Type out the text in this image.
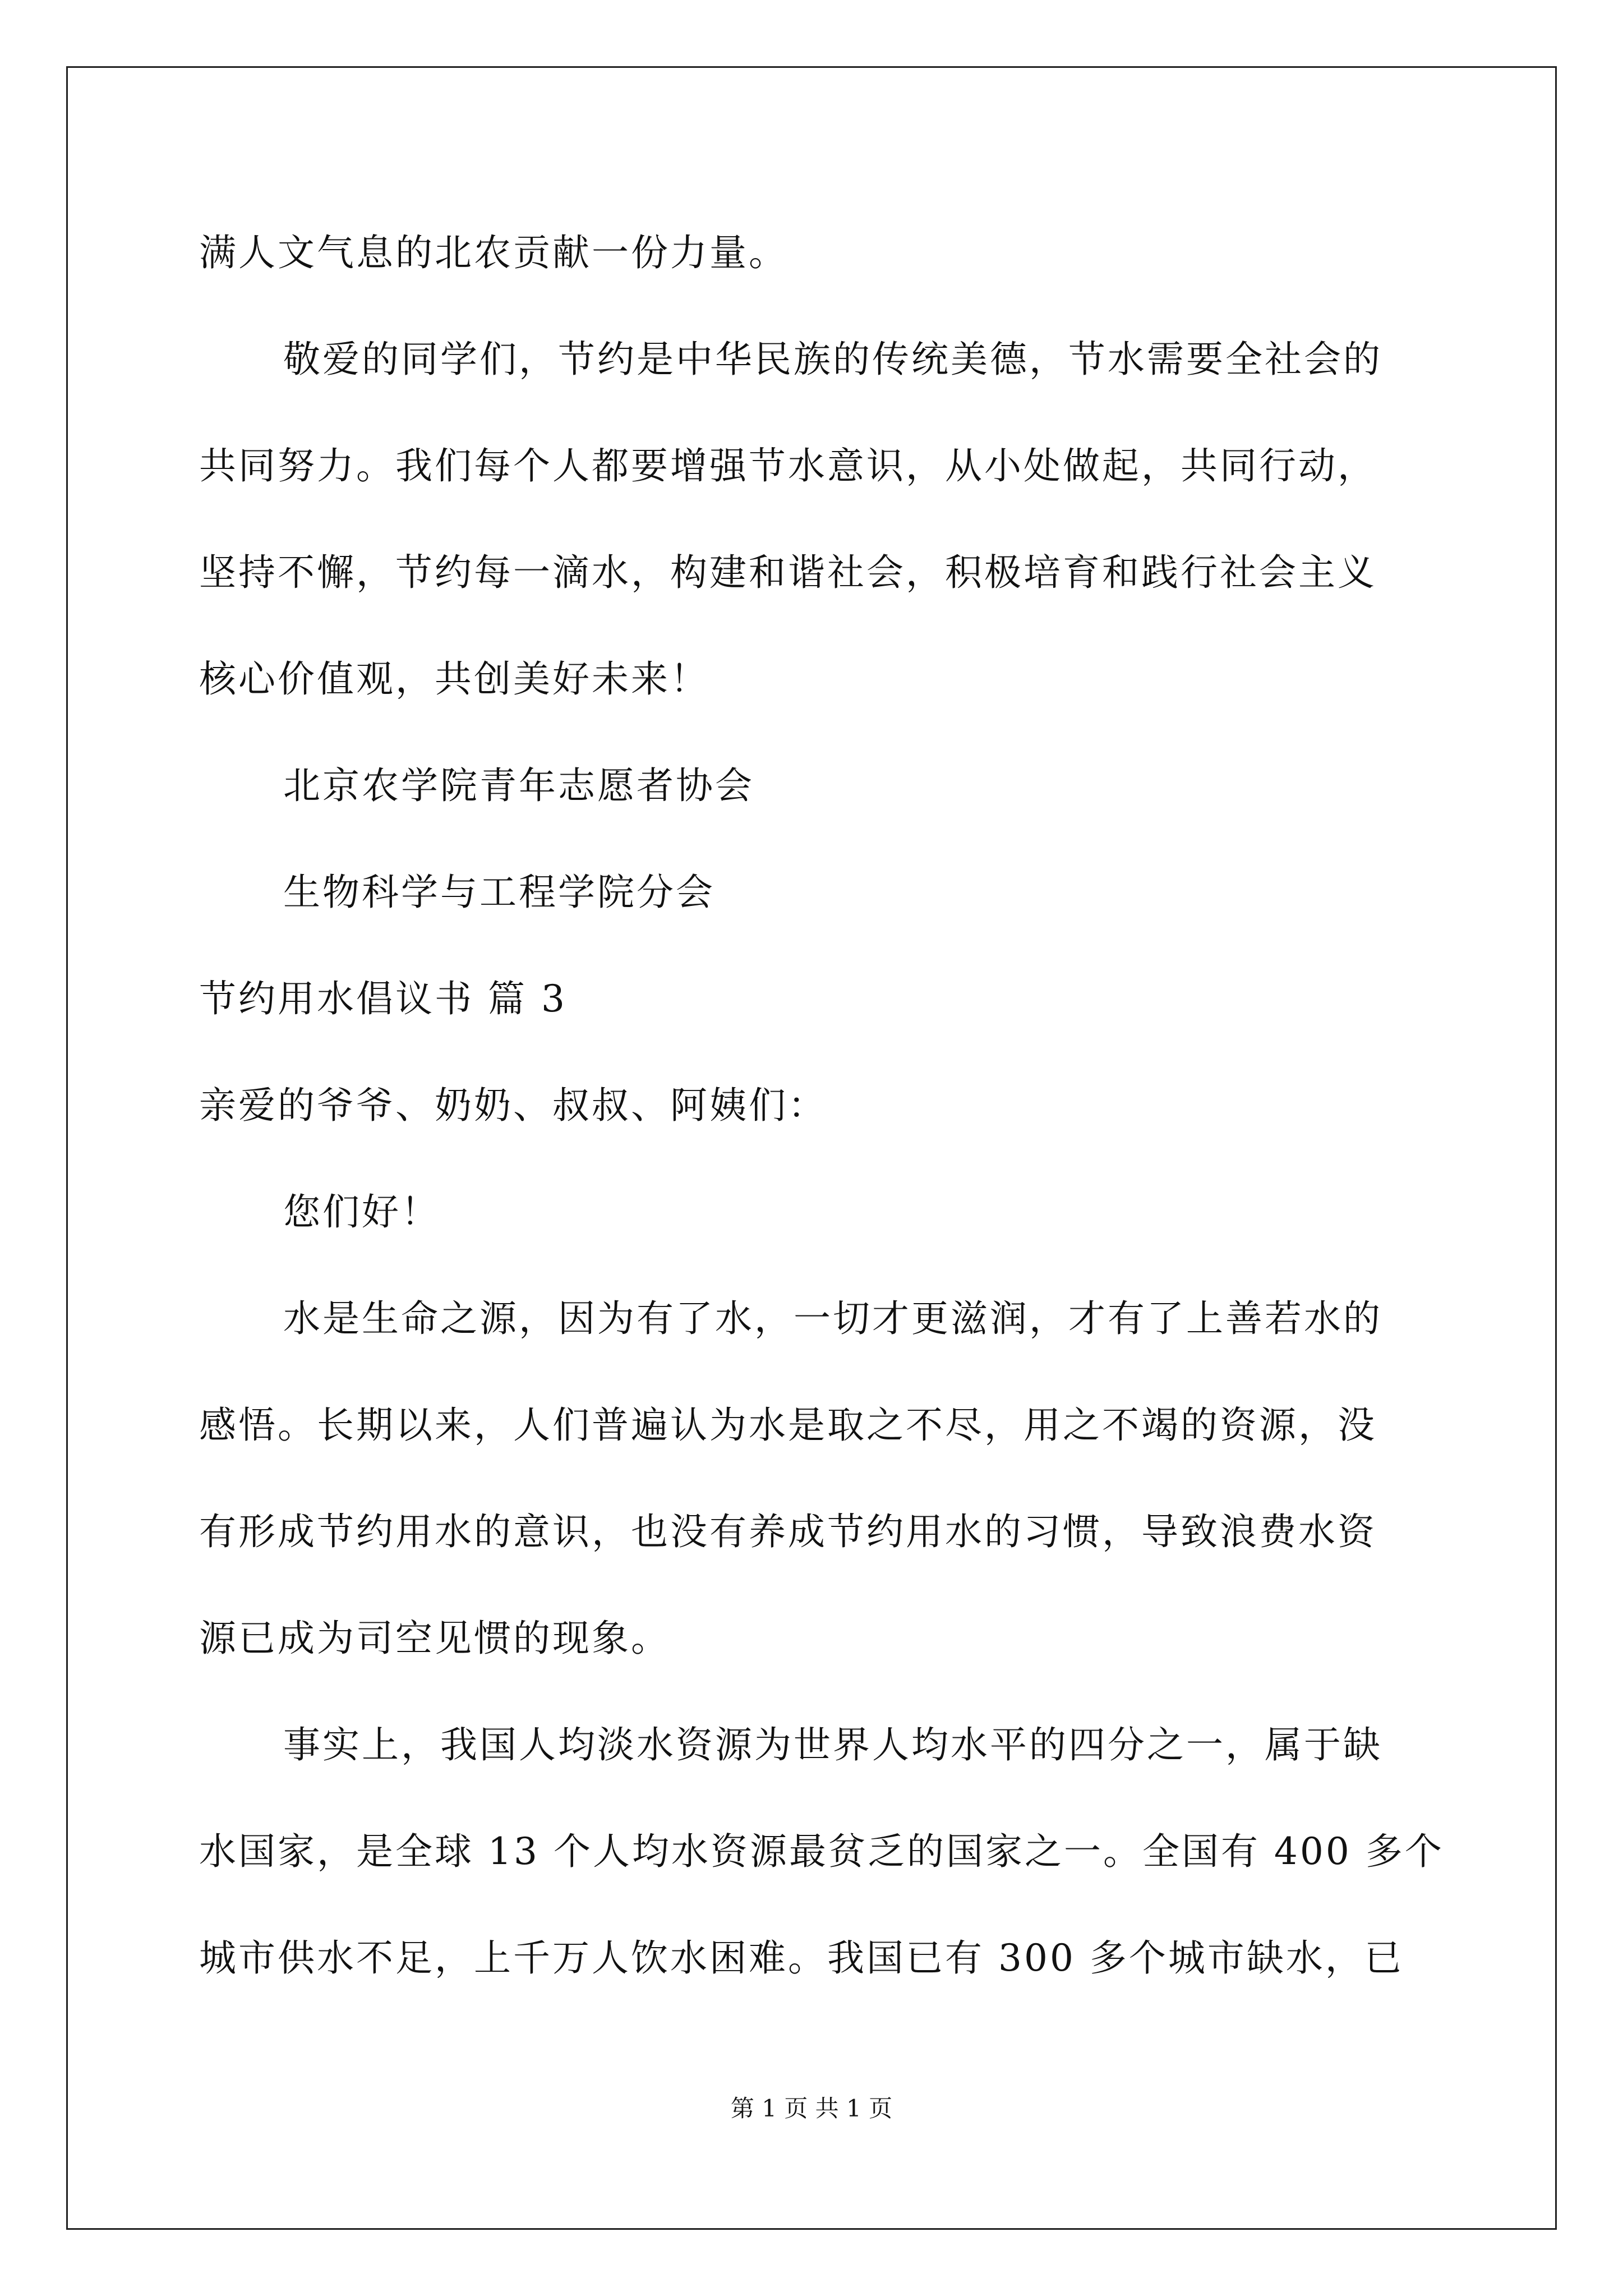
满人文气息的北农贡献一份力量。
敬爱的同学们，节约是中华民族的传统美德，节水需要全社会的
共同努力。我们每个人都要增强节水意识，从小处做起，共同行动，
坚持不懈，节约每一滴水，构建和谐社会，积极培育和践行社会主义
核心价值观，共创美好未来！
北京农学院青年志愿者协会
生物科学与工程学院分会
节约用水倡议书 篇 3
亲爱的爷爷、奶奶、叔叔、阿姨们：
您们好！
水是生命之源，因为有了水，一切才更滋润，才有了上善若水的
感悟。长期以来，人们普遍认为水是取之不尽，用之不竭的资源，没
有形成节约用水的意识，也没有养成节约用水的习惯，导致浪费水资
源已成为司空见惯的现象。
事实上，我国人均淡水资源为世界人均水平的四分之一，属于缺
水国家，是全球 13 个人均水资源最贫乏的国家之一。全国有 400 多个
城市供水不足，上千万人饮水困难。我国已有 300 多个城市缺水，已
第 1 页 共 1 页
